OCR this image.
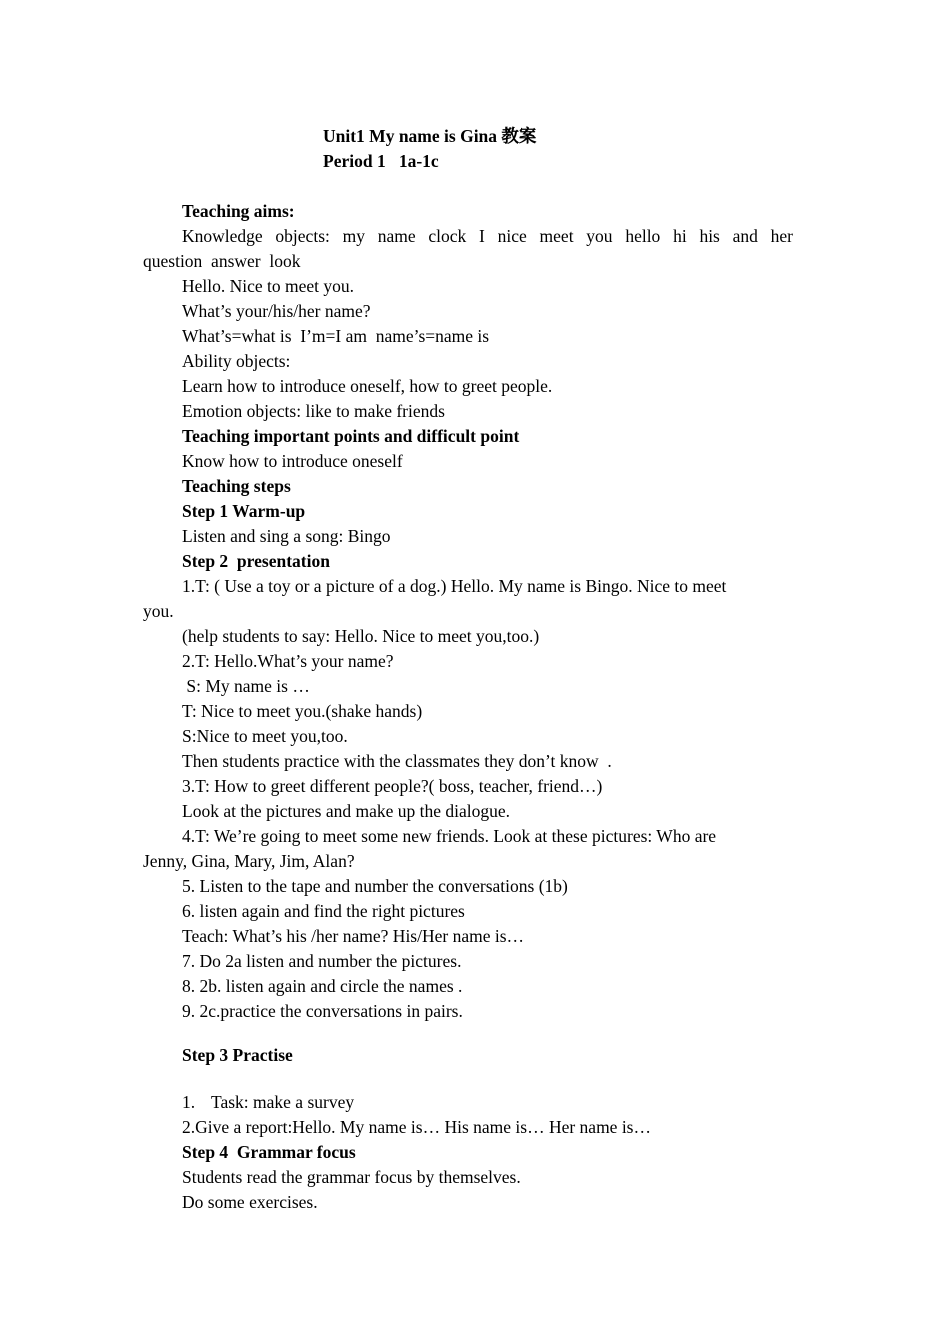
Unit1 My name is Gina 教案
Period 1   1a-1c
Teaching aims:
Knowledge objects: my name clock I nice meet you hello hi his and her
question  answer  look
Hello. Nice to meet you.
What’s your/his/her name?
What’s=what is  I’m=I am  name’s=name is
Ability objects:
Learn how to introduce oneself, how to greet people.
Emotion objects: like to make friends
Teaching important points and difficult point
Know how to introduce oneself
Teaching steps
Step 1 Warm-up
Listen and sing a song: Bingo
Step 2  presentation
1.T: ( Use a toy or a picture of a dog.) Hello. My name is Bingo. Nice to meet
you.
(help students to say: Hello. Nice to meet you,too.)
2.T: Hello.What’s your name?
S: My name is …
T: Nice to meet you.(shake hands)
S:Nice to meet you,too.
Then students practice with the classmates they don’t know  .
3.T: How to greet different people?( boss, teacher, friend…)
Look at the pictures and make up the dialogue.
4.T: We’re going to meet some new friends. Look at these pictures: Who are
Jenny, Gina, Mary, Jim, Alan?
5. Listen to the tape and number the conversations (1b)
6. listen again and find the right pictures
Teach: What’s his /her name? His/Her name is…
7. Do 2a listen and number the pictures.
8. 2b. listen again and circle the names .
9. 2c.practice the conversations in pairs.
Step 3 Practise
1. Task: make a survey
2.Give a report:Hello. My name is… His name is… Her name is…
Step 4  Grammar focus
Students read the grammar focus by themselves.
Do some exercises.
